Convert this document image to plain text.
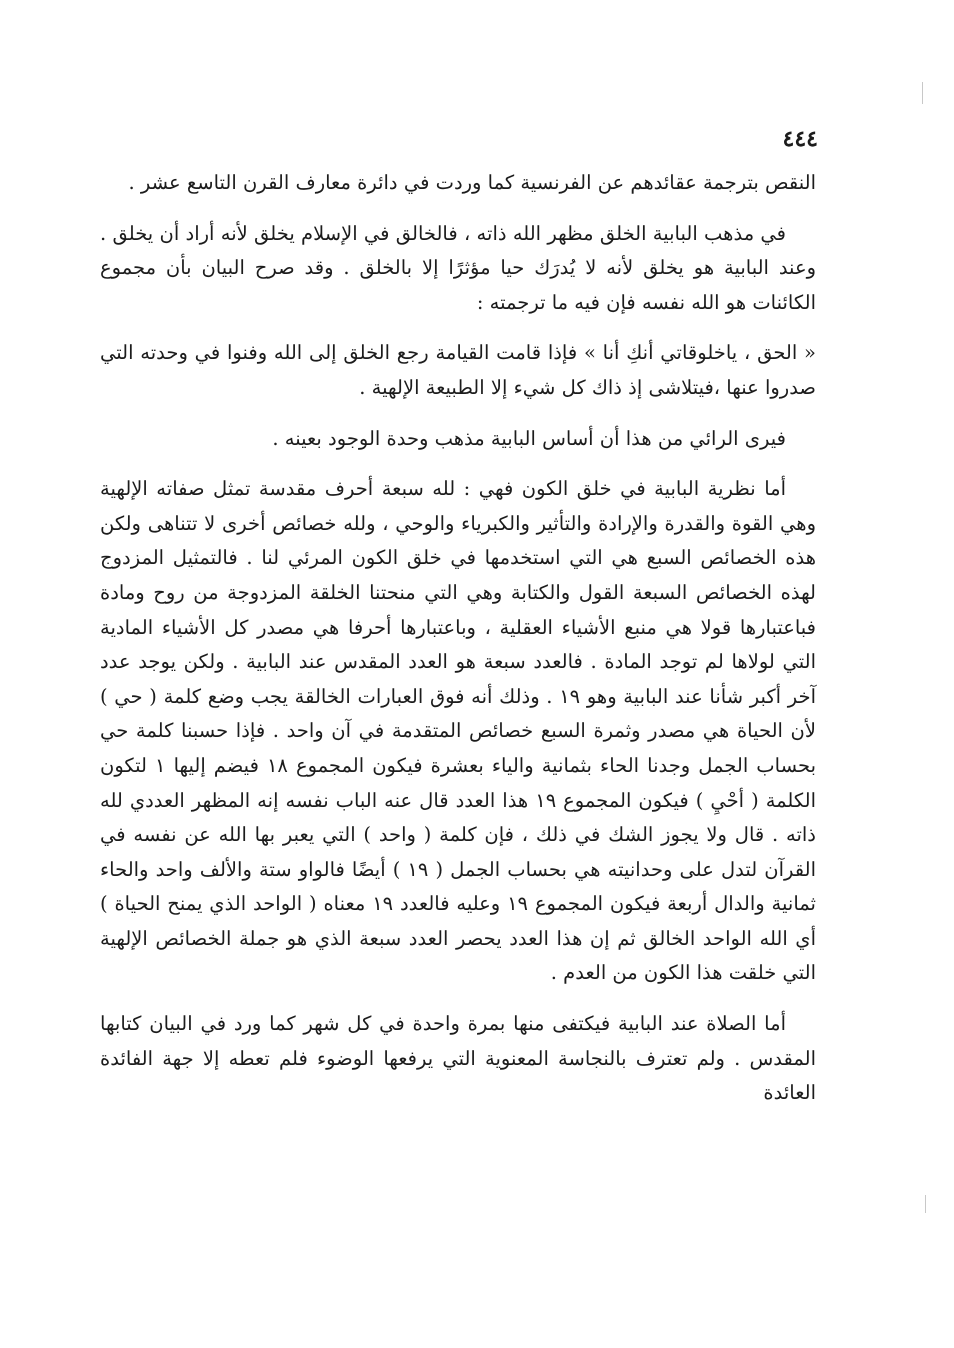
٤٤٤

النقص بترجمة عقائدهم عن الفرنسية كما وردت في دائرة معارف القرن التاسع عشر .

في مذهب البابية الخلق مظهر الله ذاته ، فالخالق في الإسلام يخلق لأنه أراد أن يخلق . وعند البابية هو يخلق لأنه لا يُدرَك حيا مؤثرًا إلا بالخلق . وقد صرح البيان بأن مجموع الكائنات هو الله نفسه فإن فيه ما ترجمته :

« الحق ، ياخلوقاتي أنكِ أنا » فإذا قامت القيامة رجع الخلق إلى الله وفنوا في وحدته التي صدروا عنها ،فيتلاشى إذ ذاك كل شيء إلا الطبيعة الإلهية .

فيرى الرائي من هذا أن أساس البابية مذهب وحدة الوجود بعينه .

أما نظرية البابية في خلق الكون فهي : لله سبعة أحرف مقدسة تمثل صفاته الإلهية وهي القوة والقدرة والإرادة والتأثير والكبرياء والوحي ، ولله خصائص أخرى لا تتناهى ولكن هذه الخصائص السبع هي التي استخدمها في خلق الكون المرئي لنا . فالتمثيل المزدوج لهذه الخصائص السبعة القول والكتابة وهي التي منحتنا الخلقة المزدوجة من روح ومادة فباعتبارها قولا هي منبع الأشياء العقلية ، وباعتبارها أحرفا هي مصدر كل الأشياء المادية التي لولاها لم توجد المادة . فالعدد سبعة هو العدد المقدس عند البابية . ولكن يوجد عدد آخر أكبر شأنا عند البابية وهو ١٩ . وذلك أنه فوق العبارات الخالقة يجب وضع كلمة ( حي ) لأن الحياة هي مصدر وثمرة السبع خصائص المتقدمة في آن واحد . فإذا حسبنا كلمة حي بحساب الجمل وجدنا الحاء بثمانية والياء بعشرة فيكون المجموع ١٨ فيضم إليها ١ لتكون الكلمة ( أحْيِ ) فيكون المجموع ١٩ هذا العدد قال عنه الباب نفسه إنه المظهر العددي لله ذاته . قال ولا يجوز الشك في ذلك ، فإن كلمة ( واحد ) التي يعبر بها الله عن نفسه في القرآن لتدل على وحدانيته هي بحساب الجمل ( ١٩ ) أيضًا فالواو ستة والألف واحد والحاء ثمانية والدال أربعة فيكون المجموع ١٩ وعليه فالعدد ١٩ معناه ( الواحد الذي يمنح الحياة ) أي الله الواحد الخالق ثم إن هذا العدد يحصر العدد سبعة الذي هو جملة الخصائص الإلهية التي خلقت هذا الكون من العدم .

أما الصلاة عند البابية فيكتفى منها بمرة واحدة في كل شهر كما ورد في البيان كتابها المقدس . ولم تعترف بالنجاسة المعنوية التي يرفعها الوضوء فلم تعطه إلا جهة الفائدة العائدة
